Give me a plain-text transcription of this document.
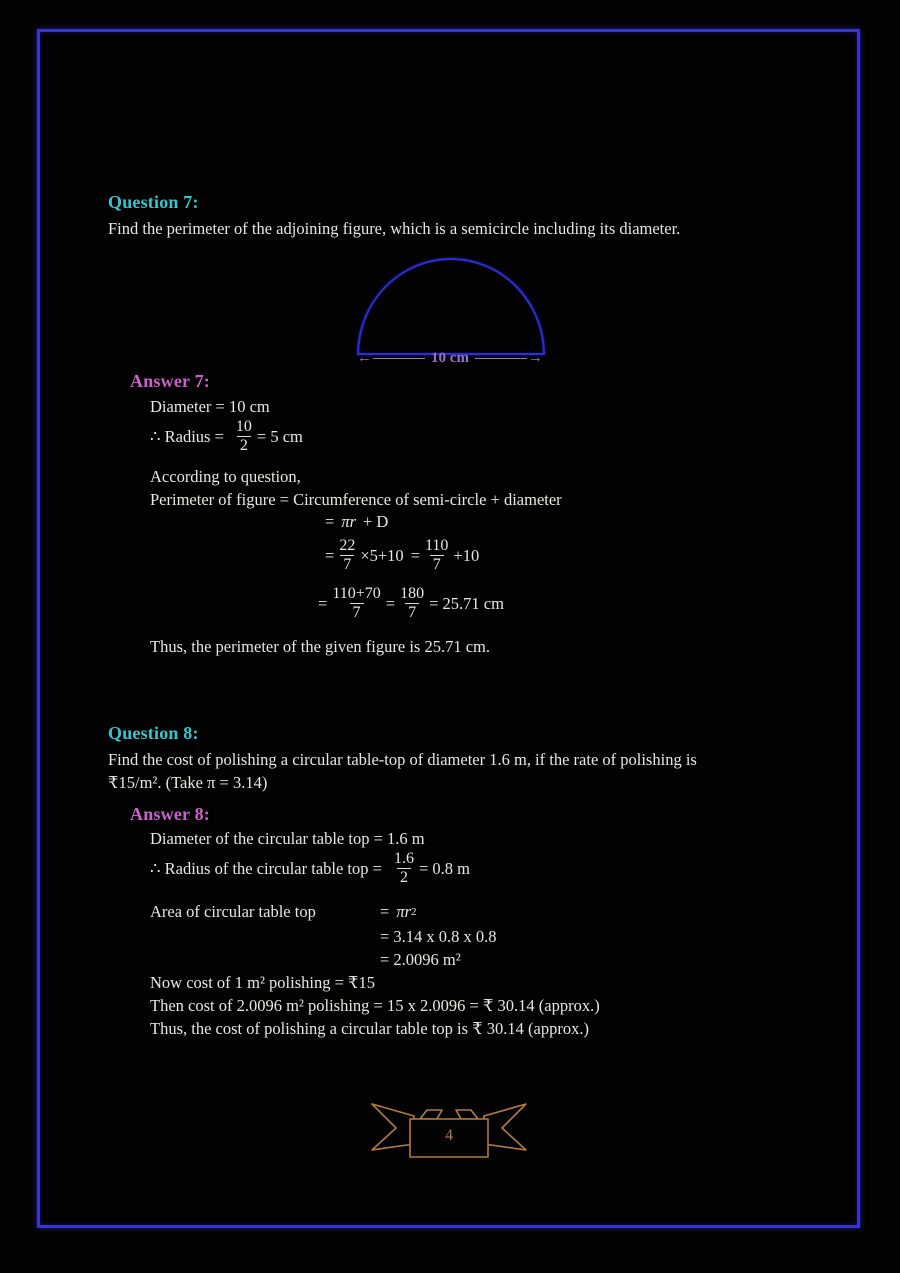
Question 7:
Find the perimeter of the adjoining figure, which is a semicircle including its diameter.
←	10 cm	→
Answer 7:
Diameter = 10 cm
∴ Radius = $\frac{10}{2} = 5$ cm
According to question,
Perimeter of figure = Circumference of semi-circle + diameter
= πr + D
= $\frac{22}{7} \times 5+10 = \frac{110}{7} +10$
= $\frac{110+70}{7} = \frac{180}{7} = 25.71$ cm
Thus, the perimeter of the given figure is 25.71 cm.
Question 8:
Find the cost of polishing a circular table-top of diameter 1.6 m, if the rate of polishing is
₹15/m². (Take π = 3.14)
Answer 8:
Diameter of the circular table top = 1.6 m
∴ Radius of the circular table top = $\frac{1.6}{2} = 0.8$ m
Area of circular table top	= πr 2
= 3.14 x 0.8 x 0.8
= 2.0096 m²
Now cost of 1 m² polishing = ₹15
Then cost of 2.0096 m² polishing = 15 x 2.0096 = ₹ 30.14 (approx.)
Thus, the cost of polishing a circular table top is ₹ 30.14 (approx.)
4
